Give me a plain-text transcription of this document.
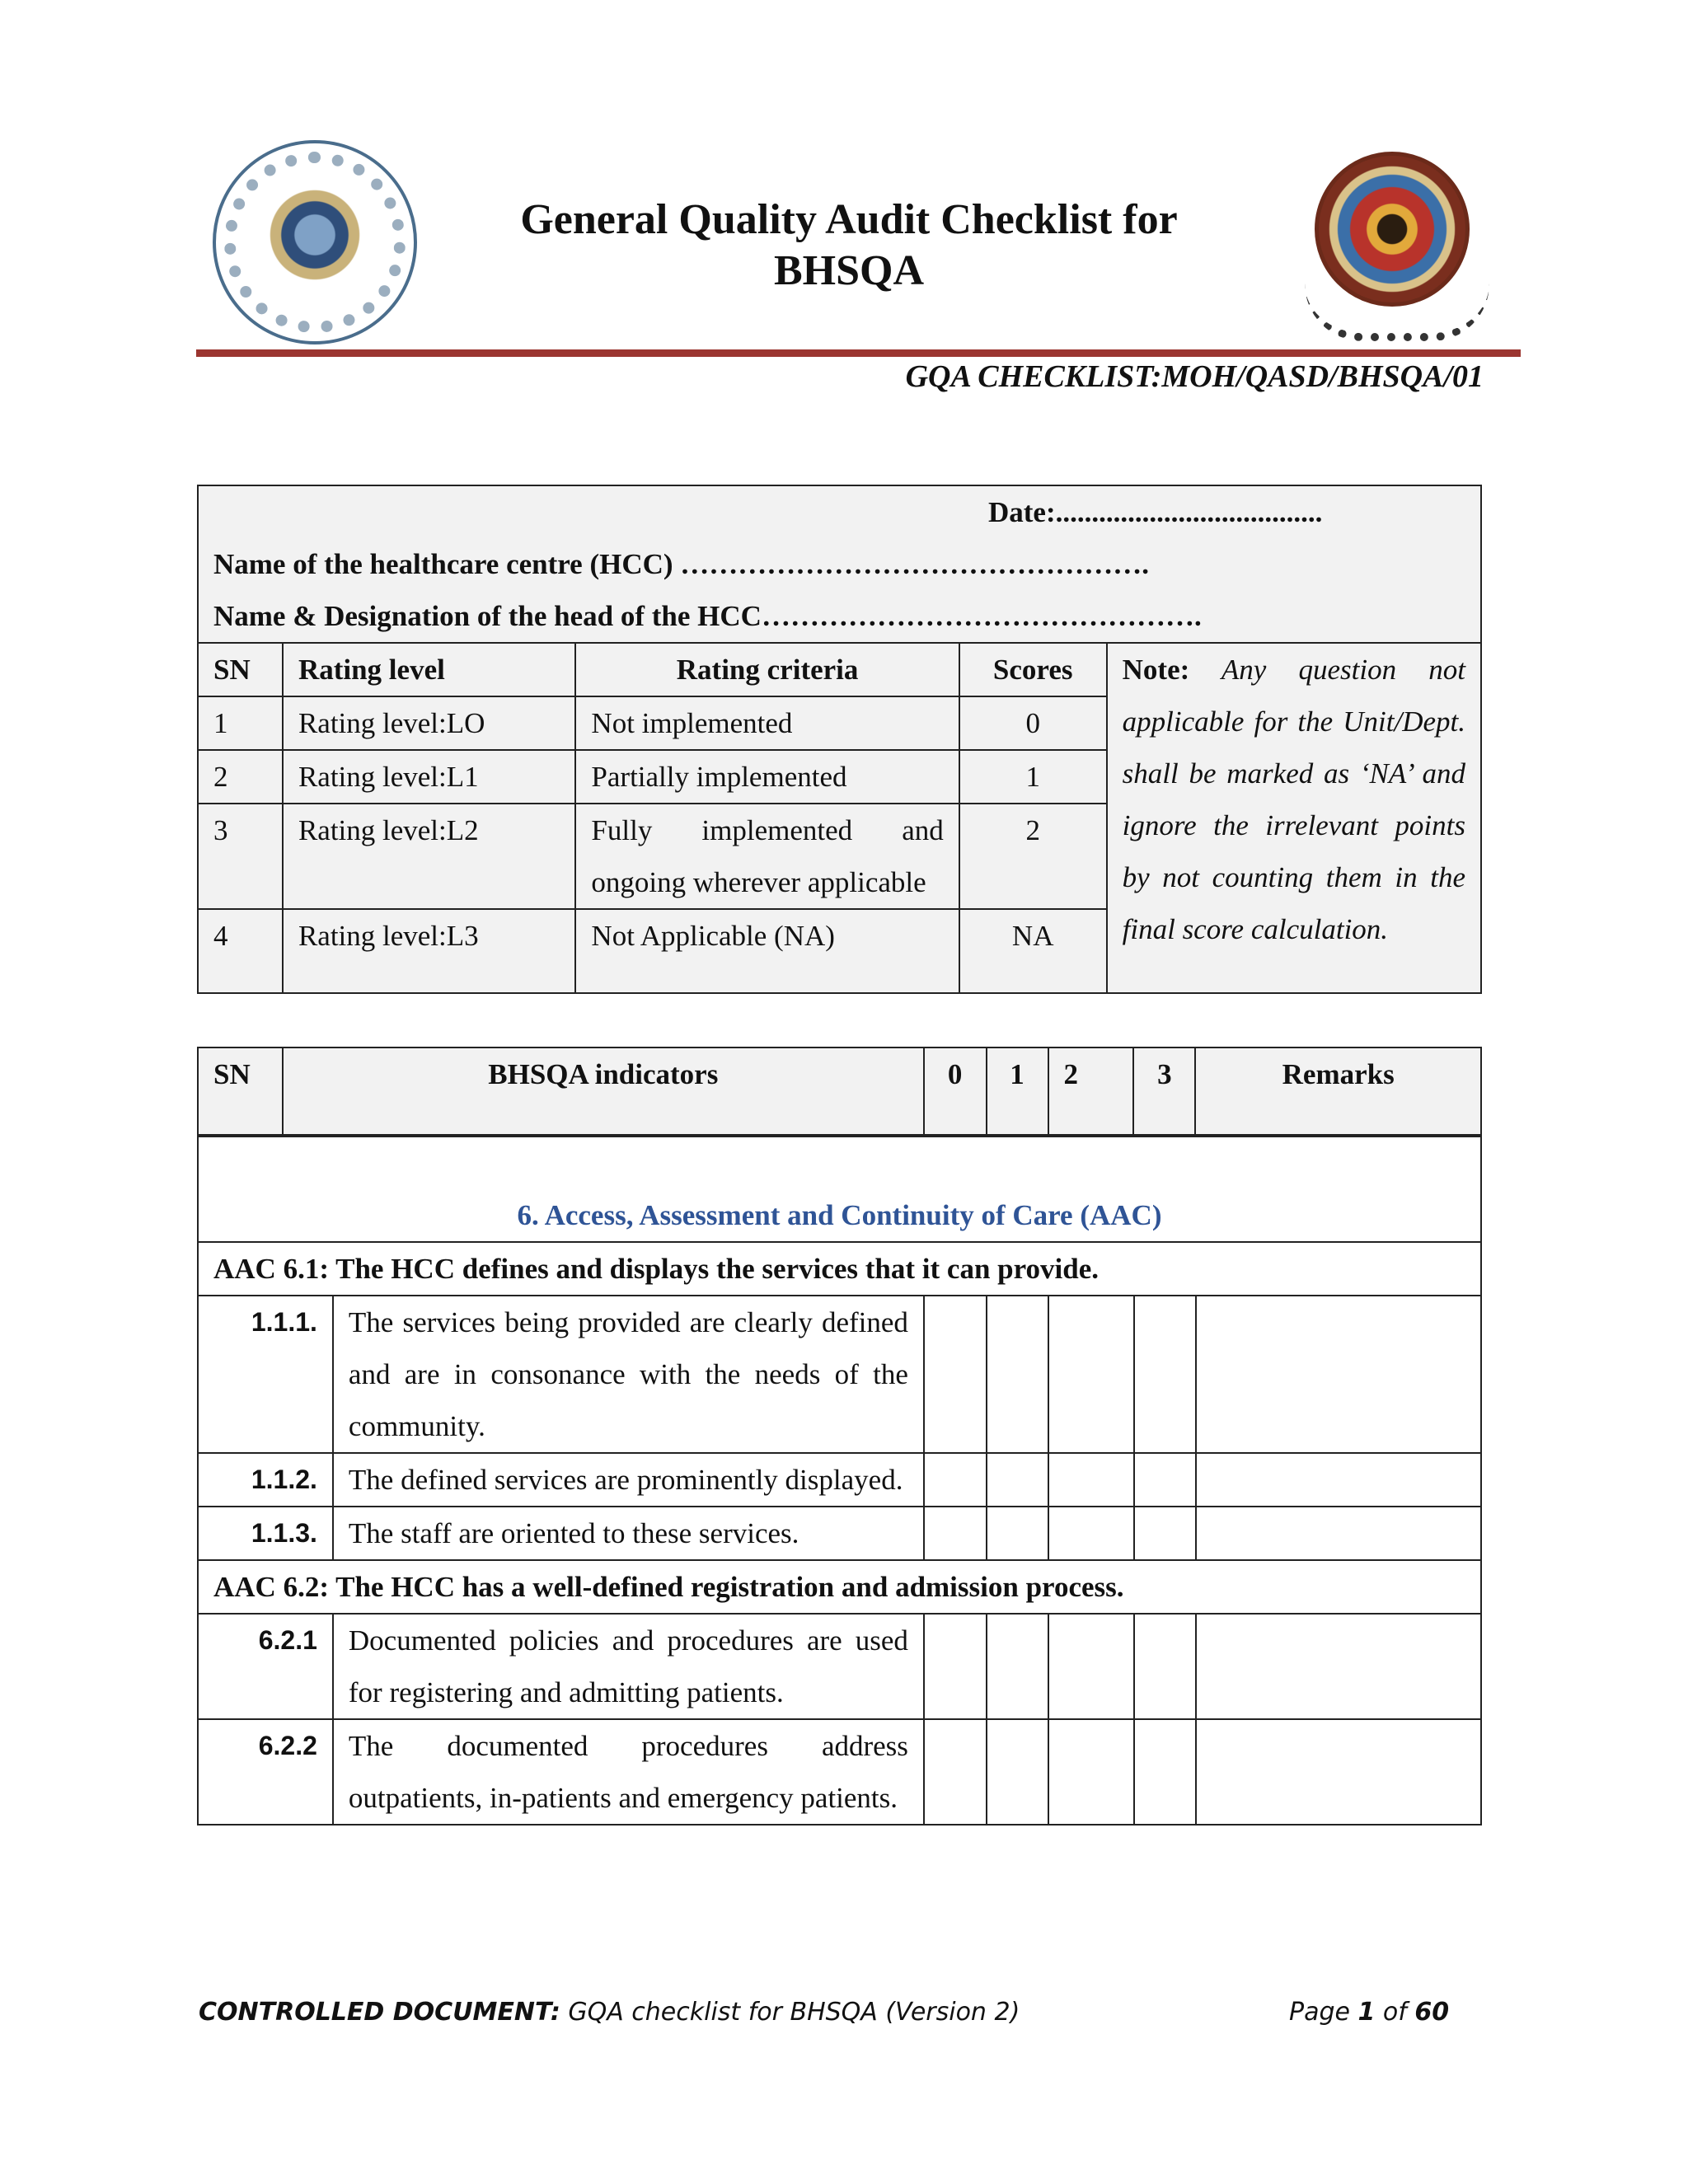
General Quality Audit Checklist for
BHSQA
GQA CHECKLIST:MOH/QASD/BHSQA/01
Date:.....................................
Name of the healthcare centre (HCC) ………………………………………….
Name & Designation of the head of the HCC……………………………………….				

SN	Rating level	Rating criteria	Scores	Note: Any question not applicable for the Unit/Dept. shall be marked as ‘NA’ and ignore the irrelevant points by not counting them in the final score calculation.
1	Rating level:LO	Not implemented	0	
2	Rating level:L1	Partially implemented	1	
3	Rating level:L2	Fully implemented and ongoing wherever applicable	2	
4	Rating level:L3	Not Applicable (NA)	NA	
SN	BHSQA indicators	0	1	2	3	Remarks
6. Access, Assessment and Continuity of Care (AAC)						
AAC 6.1: The HCC defines and displays the services that it can provide.						
1.1.1.	The services being provided are clearly defined and are in consonance with the needs of the community.					
1.1.2.	The defined services are prominently displayed.					
1.1.3.	The staff are oriented to these services.					
AAC 6.2: The HCC has a well-defined registration and admission process.						
6.2.1	Documented policies and procedures are used for registering and admitting patients.					
6.2.2	The documented procedures address outpatients, in-patients and emergency patients.					
CONTROLLED DOCUMENT: GQA checklist for BHSQA (Version 2)	Page 1 of 60
